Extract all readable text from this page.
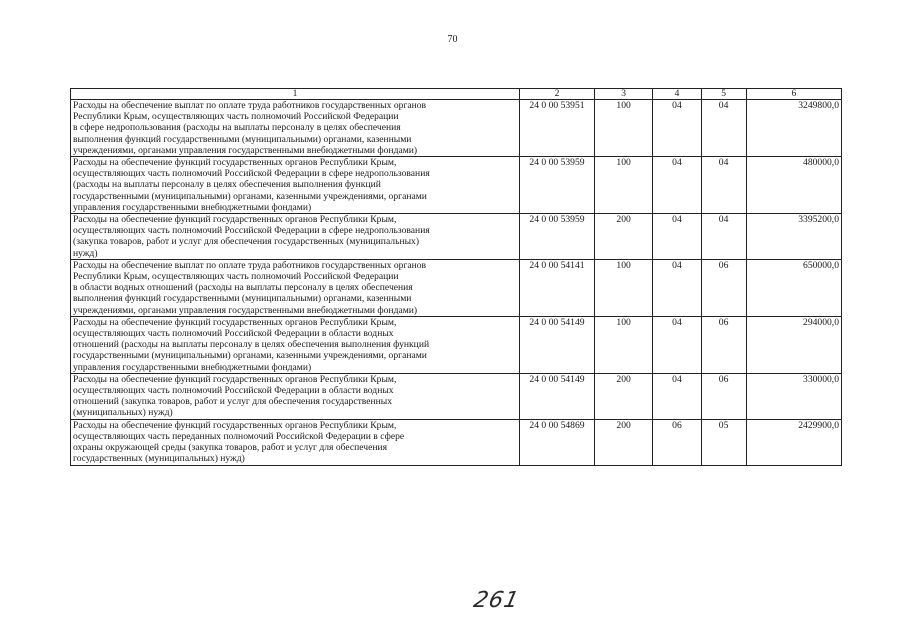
70
1	2	3	4	5	6

Расходы на обеспечение выплат по оплате труда работников государственных органов
Республики Крым, осуществляющих часть полномочий Российской Федерации
в сфере недропользования (расходы на выплаты персоналу в целях обеспечения
выполнения функций государственными (муниципальными) органами, казенными
учреждениями, органами управления государственными внебюджетными фондами)	24 0 00 53951	100	04	04	3249800,0

Расходы на обеспечение функций государственных органов Республики Крым,
осуществляющих часть полномочий Российской Федерации в сфере недропользования
(расходы на выплаты персоналу в целях обеспечения выполнения функций
государственными (муниципальными) органами, казенными учреждениями, органами
управления государственными внебюджетными фондами)	24 0 00 53959	100	04	04	480000,0

Расходы на обеспечение функций государственных органов Республики Крым,
осуществляющих часть полномочий Российской Федерации в сфере недропользования
(закупка товаров, работ и услуг для обеспечения государственных (муниципальных)
нужд)	24 0 00 53959	200	04	04	3395200,0

Расходы на обеспечение выплат по оплате труда работников государственных органов
Республики Крым, осуществляющих часть полномочий Российской Федерации
в области водных отношений (расходы на выплаты персоналу в целях обеспечения
выполнения функций государственными (муниципальными) органами, казенными
учреждениями, органами управления государственными внебюджетными фондами)	24 0 00 54141	100	04	06	650000,0

Расходы на обеспечение функций государственных органов Республики Крым,
осуществляющих часть полномочий Российской Федерации в области водных
отношений (расходы на выплаты персоналу в целях обеспечения выполнения функций
государственными (муниципальными) органами, казенными учреждениями, органами
управления государственными внебюджетными фондами)	24 0 00 54149	100	04	06	294000,0

Расходы на обеспечение функций государственных органов Республики Крым,
осуществляющих часть полномочий Российской Федерации в области водных
отношений (закупка товаров, работ и услуг для обеспечения государственных
(муниципальных) нужд)	24 0 00 54149	200	04	06	330000,0

Расходы на обеспечение функций государственных органов Республики Крым,
осуществляющих часть переданных полномочий Российской Федерации в сфере
охраны окружающей среды (закупка товаров, работ и услуг для обеспечения
государственных (муниципальных) нужд)	24 0 00 54869	200	06	05	2429900,0
261
